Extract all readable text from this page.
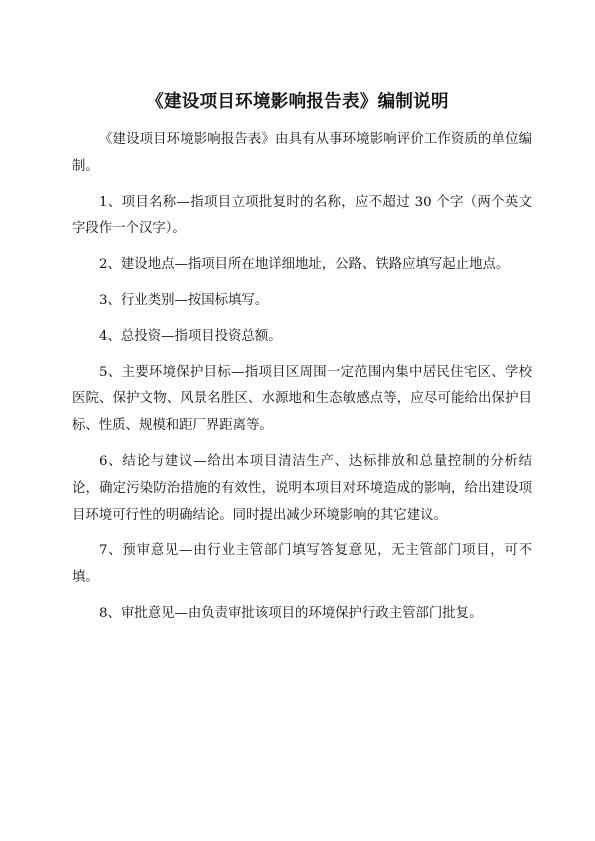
《建设项目环境影响报告表》编制说明

《建设项目环境影响报告表》由具有从事环境影响评价工作资质的单位编制。

1、项目名称—指项目立项批复时的名称，应不超过 30 个字（两个英文字段作一个汉字）。

2、建设地点—指项目所在地详细地址，公路、铁路应填写起止地点。

3、行业类别—按国标填写。

4、总投资—指项目投资总额。

5、主要环境保护目标—指项目区周围一定范围内集中居民住宅区、学校医院、保护文物、风景名胜区、水源地和生态敏感点等，应尽可能给出保护目标、性质、规模和距厂界距离等。

6、结论与建议—给出本项目清洁生产、达标排放和总量控制的分析结论，确定污染防治措施的有效性，说明本项目对环境造成的影响，给出建设项目环境可行性的明确结论。同时提出减少环境影响的其它建议。

7、预审意见—由行业主管部门填写答复意见，无主管部门项目，可不填。

8、审批意见—由负责审批该项目的环境保护行政主管部门批复。
